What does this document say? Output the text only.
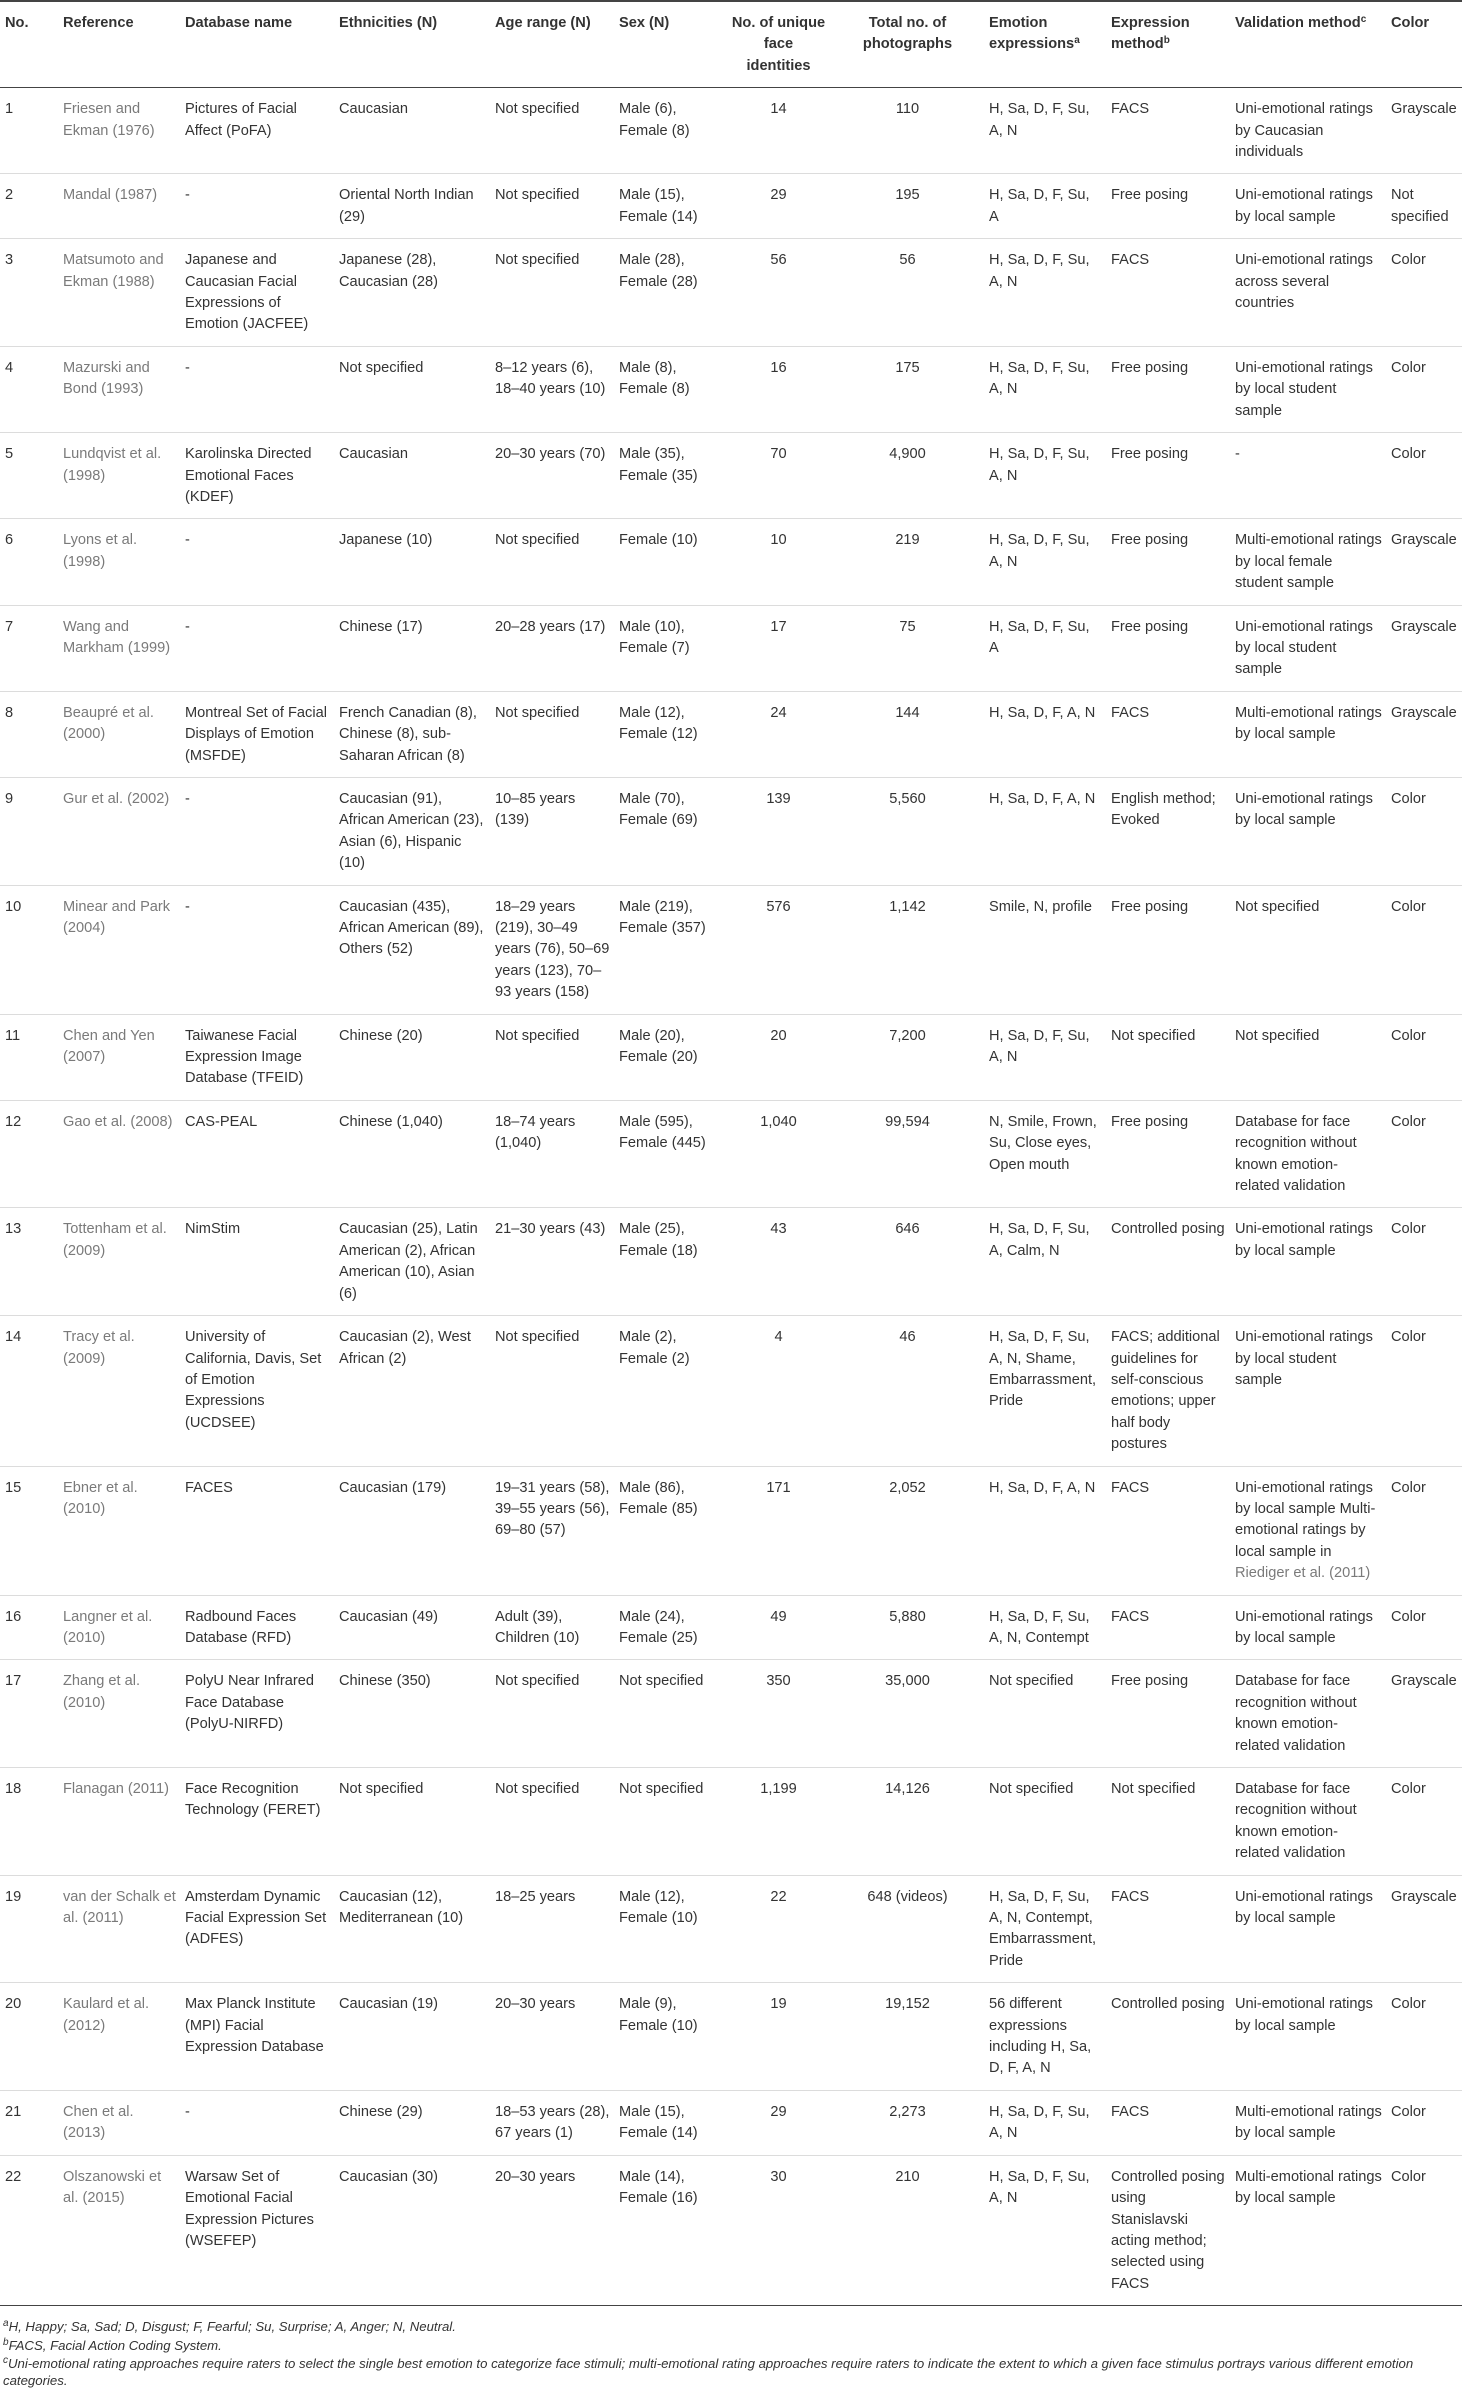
No.	Reference	Database name	Ethnicities (N)	Age range (N)	Sex (N)	No. of unique face identities	Total no. of photographs	Emotion expressions$^a$	Expression method$^b$	Validation method$^c$	Color
1	Friesen and Ekman (1976)	Pictures of Facial Affect (PoFA)	Caucasian	Not specified	Male (6), Female (8)	14	110	H, Sa, D, F, Su, A, N	FACS	Uni-emotional ratings by Caucasian individuals	Grayscale
2	Mandal (1987)	-	Oriental North Indian (29)	Not specified	Male (15), Female (14)	29	195	H, Sa, D, F, Su, A	Free posing	Uni-emotional ratings by local sample	Not specified
3	Matsumoto and Ekman (1988)	Japanese and Caucasian Facial Expressions of Emotion (JACFEE)	Japanese (28), Caucasian (28)	Not specified	Male (28), Female (28)	56	56	H, Sa, D, F, Su, A, N	FACS	Uni-emotional ratings across several countries	Color
4	Mazurski and Bond (1993)	-	Not specified	8–12 years (6), 18–40 years (10)	Male (8), Female (8)	16	175	H, Sa, D, F, Su, A, N	Free posing	Uni-emotional ratings by local student sample	Color
5	Lundqvist et al. (1998)	Karolinska Directed Emotional Faces (KDEF)	Caucasian	20–30 years (70)	Male (35), Female (35)	70	4,900	H, Sa, D, F, Su, A, N	Free posing	-	Color
6	Lyons et al. (1998)	-	Japanese (10)	Not specified	Female (10)	10	219	H, Sa, D, F, Su, A, N	Free posing	Multi-emotional ratings by local female student sample	Grayscale
7	Wang and Markham (1999)	-	Chinese (17)	20–28 years (17)	Male (10), Female (7)	17	75	H, Sa, D, F, Su, A	Free posing	Uni-emotional ratings by local student sample	Grayscale
8	Beaupré et al. (2000)	Montreal Set of Facial Displays of Emotion (MSFDE)	French Canadian (8), Chinese (8), sub-Saharan African (8)	Not specified	Male (12), Female (12)	24	144	H, Sa, D, F, A, N	FACS	Multi-emotional ratings by local sample	Grayscale
9	Gur et al. (2002)	-	Caucasian (91), African American (23), Asian (6), Hispanic (10)	10–85 years (139)	Male (70), Female (69)	139	5,560	H, Sa, D, F, A, N	English method; Evoked	Uni-emotional ratings by local sample	Color
10	Minear and Park (2004)	-	Caucasian (435), African American (89), Others (52)	18–29 years (219), 30–49 years (76), 50–69 years (123), 70–93 years (158)	Male (219), Female (357)	576	1,142	Smile, N, profile	Free posing	Not specified	Color
11	Chen and Yen (2007)	Taiwanese Facial Expression Image Database (TFEID)	Chinese (20)	Not specified	Male (20), Female (20)	20	7,200	H, Sa, D, F, Su, A, N	Not specified	Not specified	Color
12	Gao et al. (2008)	CAS-PEAL	Chinese (1,040)	18–74 years (1,040)	Male (595), Female (445)	1,040	99,594	N, Smile, Frown, Su, Close eyes, Open mouth	Free posing	Database for face recognition without known emotion-related validation	Color
13	Tottenham et al. (2009)	NimStim	Caucasian (25), Latin American (2), African American (10), Asian (6)	21–30 years (43)	Male (25), Female (18)	43	646	H, Sa, D, F, Su, A, Calm, N	Controlled posing	Uni-emotional ratings by local sample	Color
14	Tracy et al. (2009)	University of California, Davis, Set of Emotion Expressions (UCDSEE)	Caucasian (2), West African (2)	Not specified	Male (2), Female (2)	4	46	H, Sa, D, F, Su, A, N, Shame, Embarrassment, Pride	FACS; additional guidelines for self-conscious emotions; upper half body postures	Uni-emotional ratings by local student sample	Color
15	Ebner et al. (2010)	FACES	Caucasian (179)	19–31 years (58), 39–55 years (56), 69–80 (57)	Male (86), Female (85)	171	2,052	H, Sa, D, F, A, N	FACS	Uni-emotional ratings by local sample Multi-emotional ratings by local sample in Riediger et al. (2011)	Color
16	Langner et al. (2010)	Radbound Faces Database (RFD)	Caucasian (49)	Adult (39), Children (10)	Male (24), Female (25)	49	5,880	H, Sa, D, F, Su, A, N, Contempt	FACS	Uni-emotional ratings by local sample	Color
17	Zhang et al. (2010)	PolyU Near Infrared Face Database (PolyU-NIRFD)	Chinese (350)	Not specified	Not specified	350	35,000	Not specified	Free posing	Database for face recognition without known emotion-related validation	Grayscale
18	Flanagan (2011)	Face Recognition Technology (FERET)	Not specified	Not specified	Not specified	1,199	14,126	Not specified	Not specified	Database for face recognition without known emotion-related validation	Color
19	van der Schalk et al. (2011)	Amsterdam Dynamic Facial Expression Set (ADFES)	Caucasian (12), Mediterranean (10)	18–25 years	Male (12), Female (10)	22	648 (videos)	H, Sa, D, F, Su, A, N, Contempt, Embarrassment, Pride	FACS	Uni-emotional ratings by local sample	Grayscale
20	Kaulard et al. (2012)	Max Planck Institute (MPI) Facial Expression Database	Caucasian (19)	20–30 years	Male (9), Female (10)	19	19,152	56 different expressions including H, Sa, D, F, A, N	Controlled posing	Uni-emotional ratings by local sample	Color
21	Chen et al. (2013)	-	Chinese (29)	18–53 years (28), 67 years (1)	Male (15), Female (14)	29	2,273	H, Sa, D, F, Su, A, N	FACS	Multi-emotional ratings by local sample	Color
22	Olszanowski et al. (2015)	Warsaw Set of Emotional Facial Expression Pictures (WSEFEP)	Caucasian (30)	20–30 years	Male (14), Female (16)	30	210	H, Sa, D, F, Su, A, N	Controlled posing using Stanislavski acting method; selected using FACS	Multi-emotional ratings by local sample	Color
$^a$H, Happy; Sa, Sad; D, Disgust; F, Fearful; Su, Surprise; A, Anger; N, Neutral.
$^b$FACS, Facial Action Coding System.
$^c$Uni-emotional rating approaches require raters to select the single best emotion to categorize face stimuli; multi-emotional rating approaches require raters to indicate the extent to which a given face stimulus portrays various different emotion categories.
